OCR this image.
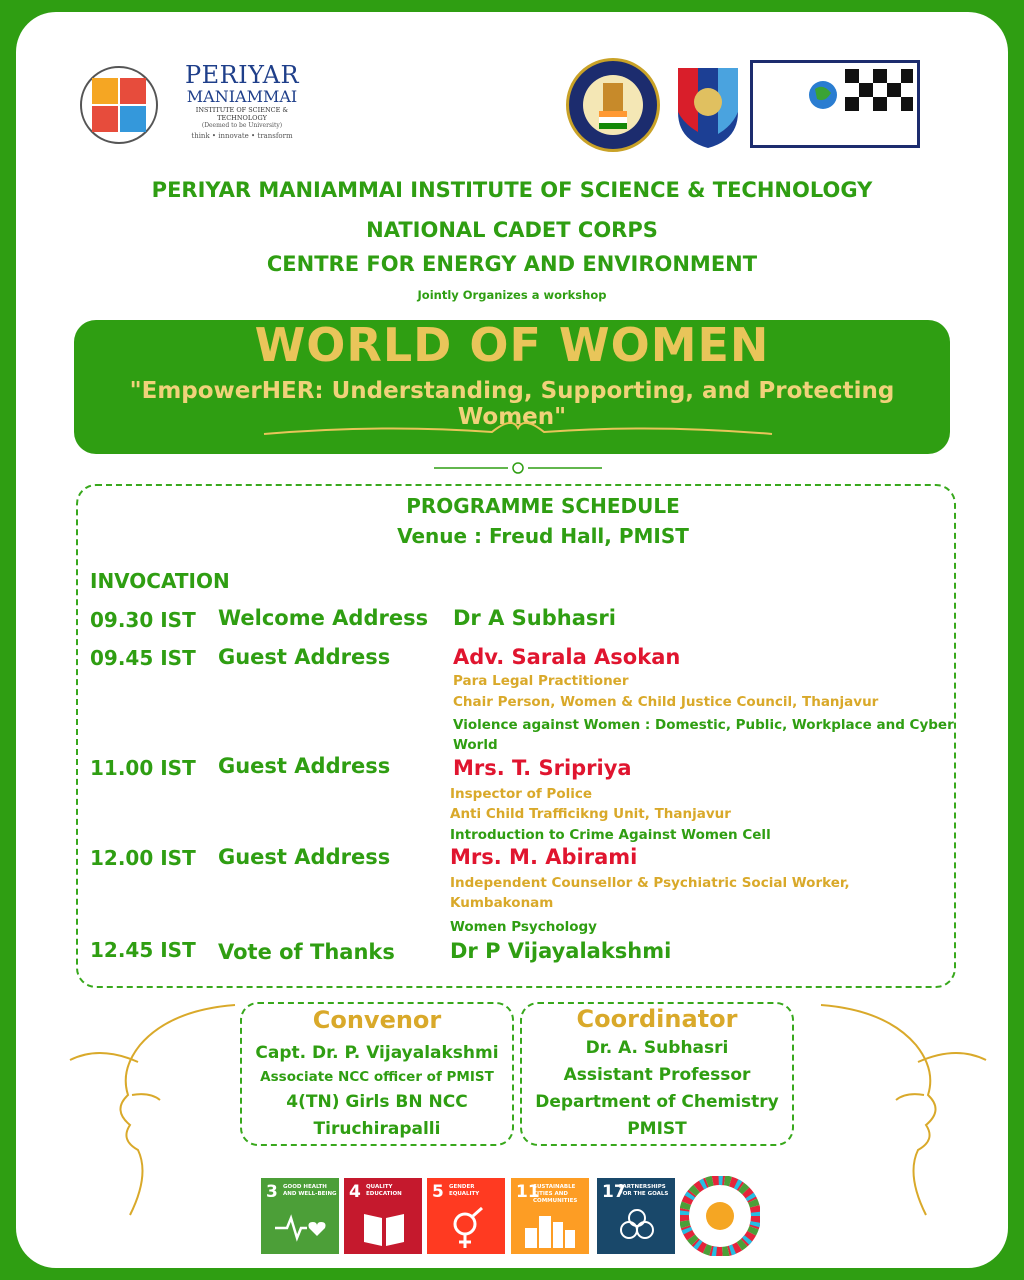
PERIYAR
MANIAMMAI
INSTITUTE OF SCIENCE & TECHNOLOGY
(Deemed to be University)
think • innovate • transform
PERIYAR MANIAMMAI INSTITUTE OF SCIENCE & TECHNOLOGY
NATIONAL CADET CORPS
CENTRE FOR ENERGY AND ENVIRONMENT
Jointly Organizes a workshop
WORLD OF WOMEN
"EmpowerHER: Understanding, Supporting, and Protecting Women"
PROGRAMME SCHEDULE
Venue : Freud Hall, PMIST
INVOCATION
09.30 IST Welcome Address Dr A Subhasri
09.45 IST Guest Address	Adv. Sarala Asokan
Para Legal Practitioner
Chair Person, Women & Child Justice Council, Thanjavur
Violence against Women : Domestic, Public, Workplace and Cyber
World
11.00 IST Guest Address	Mrs. T. Sripriya
Inspector of Police
Anti Child Trafficikng Unit, Thanjavur
Introduction to Crime Against Women Cell
12.00 IST Guest Address	Mrs. M. Abirami
Independent Counsellor & Psychiatric Social Worker,
Kumbakonam
Women Psychology
12.45 IST Vote of Thanks	Dr P Vijayalakshmi
Convenor
Capt. Dr. P. Vijayalakshmi
Associate NCC officer of PMIST
4(TN) Girls BN NCC
Tiruchirapalli
Coordinator
Dr. A. Subhasri
Assistant Professor
Department of Chemistry
PMIST
3 GOOD HEALTH AND WELL-BEING 4 QUALITY EDUCATION	5 GENDER EQUALITY	11
SUSTAINABLE CITIES AND COMMUNITIES	17
PARTNERSHIPS FOR THE GOALS
